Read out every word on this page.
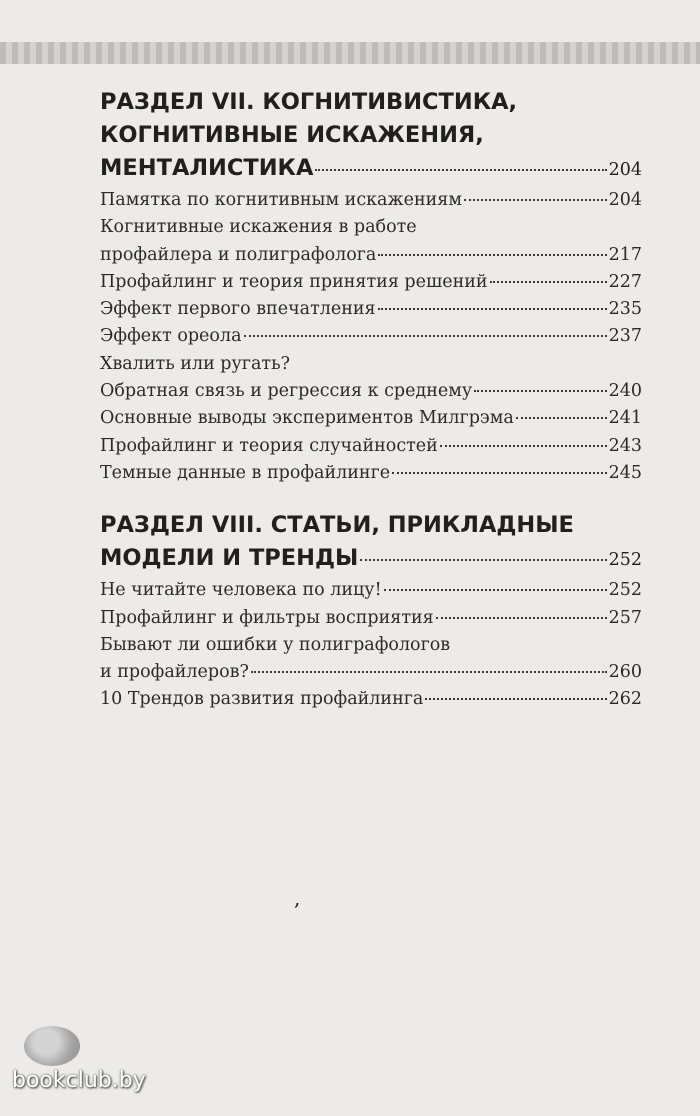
РАЗДЕЛ VII. КОГНИТИВИСТИКА,
КОГНИТИВНЫЕ ИСКАЖЕНИЯ,
МЕНТАЛИСТИКА	204
Памятка по когнитивным искажениям	204
Когнитивные искажения в работе
профайлера и полиграфолога	217
Профайлинг и теория принятия решений	227
Эффект первого впечатления	235
Эффект ореола	237
Хвалить или ругать?
Обратная связь и регрессия к среднему	240
Основные выводы экспериментов Милгрэма	241
Профайлинг и теория случайностей	243
Темные данные в профайлинге	245
РАЗДЕЛ VIII. СТАТЬИ, ПРИКЛАДНЫЕ
МОДЕЛИ И ТРЕНДЫ	252
Не читайте человека по лицу!	252
Профайлинг и фильтры восприятия	257
Бывают ли ошибки у полиграфологов
и профайлеров?	260
10 Трендов развития профайлинга	262
,
bookclub.by
